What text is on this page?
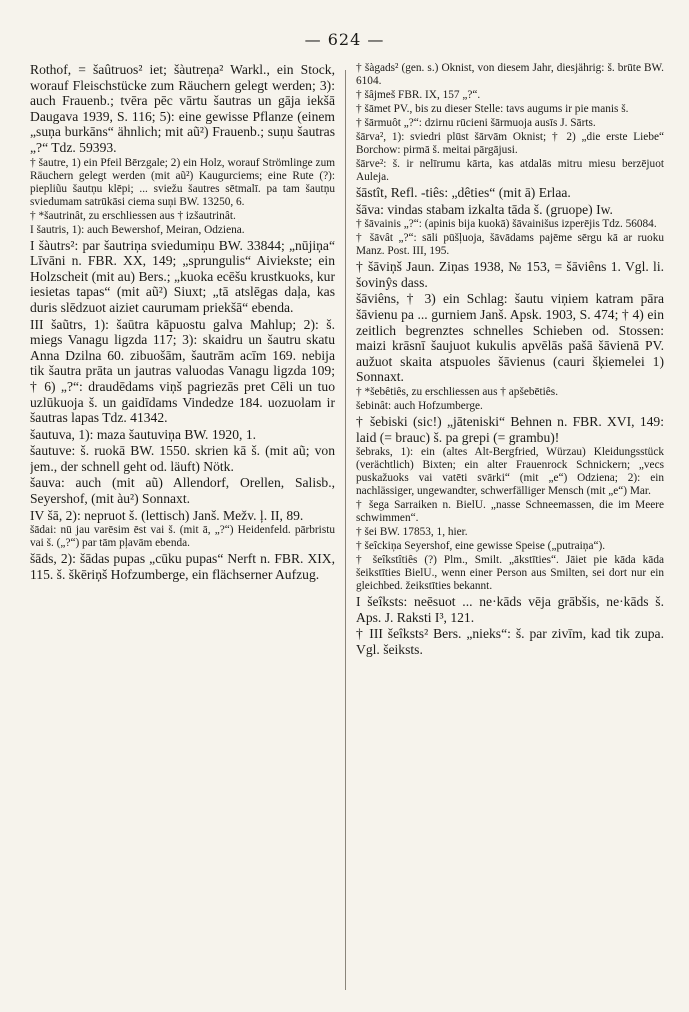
— 624 —

Rothof, = šaûtruos² iet; šàutreņa² Warkl., ein Stock, worauf Fleischstücke zum Räuchern gelegt werden; 3): auch Frauenb.; tvēra pēc vārtu šautras un gāja iekšā Daugava 1939, S. 116; 5): eine gewisse Pflanze (einem „suņa burkāns“ ähnlich; mit aũ²) Frauenb.; suņu šautras „?“ Tdz. 59393.

† šautre, 1) ein Pfeil Bērzgale; 2) ein Holz, worauf Strömlinge zum Räuchern gelegt werden (mit aũ²) Kaugurciems; eine Rute (?): piepliũu šautņu klēpi; ... sviežu šautres sētmalī. pa tam šautņu sviedumam satrūkāsi ciema suņi BW. 13250, 6.

† *šautrinât, zu erschliessen aus † izšautrinât.

I šautris, 1): auch Bewershof, Meiran, Odziena.

I šàutrs²: par šautriņa sviedumiņu BW. 33844; „nūjiņa“ Līvāni n. FBR. XX, 149; „sprungulis“ Aiviekste; ein Holzscheit (mit au) Bers.; „kuoka ecēšu krustkuoks, kur iesietas tapas“ (mit aũ²) Siuxt; „tā atslēgas daļa, kas duris slēdzuot aiziet caurumam priekšā“ ebenda.

III šaũtrs, 1): šaūtra kāpuostu galva Mahlup; 2): š. miegs Vanagu ligzda 117; 3): skaidru un šautru skatu Anna Dzilna 60. zibuošām, šautrām acīm 169. nebija tik šautra prāta un jautras valuodas Vanagu ligzda 109; † 6) „?“: draudēdams viņš pagriezās pret Cēli un tuo uzlūkuoja š. un gaidīdams Vindedze 184. uozuolam ir šautras lapas Tdz. 41342.

šautuva, 1): maza šautuviņa BW. 1920, 1.

šautuve: š. ruokā BW. 1550. skrien kā š. (mit aũ; von jem., der schnell geht od. läuft) Nötk.

šauva: auch (mit aũ) Allendorf, Orellen, Salisb., Seyershof, (mit àu²) Sonnaxt.

IV šā, 2): nepruot š. (lettisch) Janš. Mežv. ļ. II, 89.

šādai: nū jau varēsim ēst vai š. (mit ā, „?“) Heidenfeld. pārbristu vai š. („?“) par tām pļavām ebenda.

šāds, 2): šādas pupas „cūku pupas“ Nerft n. FBR. XIX, 115. š. škēriņš Hofzumberge, ein flächserner Aufzug.

† šàgads² (gen. s.) Oknist, von diesem Jahr, diesjährig: š. brūte BW. 6104.

† šâjmeš FBR. IX, 157 „?“.

† šāmet PV., bis zu dieser Stelle: tavs augums ir pie manis š.

† šārmuôt „?“: dzirnu rūcieni šārmuoja ausīs J. Sārts.

šārva², 1): sviedri plūst šārvām Oknist; † 2) „die erste Liebe“ Borchow: pirmā š. meitai pārgājusi.

šārve²: š. ir nelīrumu kārta, kas atdalās mitru miesu berzējuot Auleja.

šāstît, Refl. -tiês: „dêties“ (mit ā) Erlaa.

šāva: vindas stabam izkalta tāda š. (gruope) Iw.

† šāvainis „?“: (apinis bija kuokā) šāvainišus izperējis Tdz. 56084.

† šāvât „?“: sāli pūšļuoja, šāvādams pajēme sērgu kā ar ruoku Manz. Post. III, 195.

† šāviņš Jaun. Ziņas 1938, № 153, = šāviêns 1. Vgl. li. šovinŷs dass.

šāviêns, † 3) ein Schlag: šautu viņiem katram pāra šāvienu pa ... gurniem Janš. Apsk. 1903, S. 474; † 4) ein zeitlich begrenztes schnelles Schieben od. Stossen: maizi krāsnī šaujuot kukulis apvēlās pašā šāvienā PV. aužuot skaita atspuoles šāvienus (cauri šķiemelei 1) Sonnaxt.

† *šebêtiês, zu erschliessen aus † apšebētiês.

šebinât: auch Hofzumberge.

† šebiski (sic!) „jāteniski“ Behnen n. FBR. XVI, 149: laid (= brauc) š. pa grepi (= grambu)!

šebraks, 1): ein (altes Alt-Bergfried, Würzau) Kleidungsstück (verächtlich) Bixten; ein alter Frauenrock Schnickern; „vecs puskažuoks vai vatēti svārki“ (mit „e“) Odziena; 2): ein nachlässiger, ungewandter, schwerfälliger Mensch (mit „e“) Mar.

† šega Sarraiken n. BielU. „nasse Schneemassen, die im Meere schwimmen“.

† šei BW. 17853, 1, hier.

† šeîckiņa Seyershof, eine gewisse Speise („putraiņa“).

† šeîkstîtiês (?) Plm., Smilt. „ākstīties“. Jāiet pie kāda kāda šeikstīties BielU., wenn einer Person aus Smilten, sei dort nur ein gleichbed. žeikstīties bekannt.

I šeîksts: neēsuot ... ne·kāds vēja grābšis, ne·kāds š. Aps. J. Raksti I³, 121.

† III šeîksts² Bers. „nieks“: š. par zivīm, kad tik zupa. Vgl. šeiksts.
